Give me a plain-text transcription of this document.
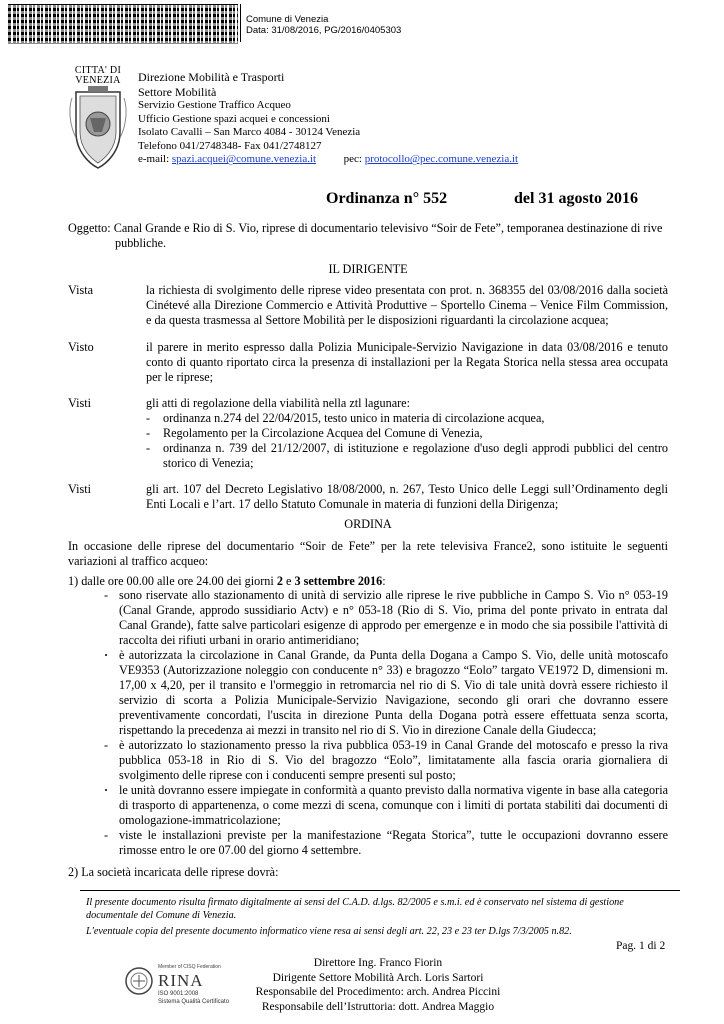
Comune di Venezia
Data: 31/08/2016, PG/2016/0405303
CITTA' DI
VENEZIA	Direzione Mobilità e Trasporti
Settore Mobilità
Servizio Gestione Traffico Acqueo
Ufficio Gestione spazi acquei e concessioni
Isolato Cavalli – San Marco 4084 - 30124 Venezia
Telefono 041/2748348- Fax 041/2748127
e-mail: spazi.acquei@comune.venezia.it	pec: protocollo@pec.comune.venezia.it
Ordinanza n° 552	del 31 agosto 2016
Oggetto: Canal Grande e Rio di S. Vio, riprese di documentario televisivo “Soir de Fete”, temporanea destinazione di rive
pubbliche.
IL DIRIGENTE
Vista	la richiesta di svolgimento delle riprese video presentata con prot. n. 368355 del 03/08/2016 dalla società Cinétevé alla Direzione Commercio e Attività Produttive – Sportello Cinema – Venice Film Commission, e da questa trasmessa al Settore Mobilità per le disposizioni riguardanti la circolazione acquea;
Visto	il parere in merito espresso dalla Polizia Municipale-Servizio Navigazione in data 03/08/2016 e tenuto conto di quanto riportato circa la presenza di installazioni per la Regata Storica nella stessa area occupata per le riprese;
Visti	gli atti di regolazione della viabilità nella ztl lagunare:
- ordinanza n.274 del 22/04/2015, testo unico in materia di circolazione acquea,
- Regolamento per la Circolazione Acquea del Comune di Venezia,
- ordinanza n. 739 del 21/12/2007, di istituzione e regolazione d'uso degli approdi pubblici del centro storico di Venezia;
Visti	gli art. 107 del Decreto Legislativo 18/08/2000, n. 267, Testo Unico delle Leggi sull’Ordinamento degli Enti Locali e l’art. 17 dello Statuto Comunale in materia di funzioni della Dirigenza;
ORDINA
In occasione delle riprese del documentario “Soir de Fete” per la rete televisiva France2, sono istituite le seguenti variazioni al traffico acqueo:
1) dalle ore 00.00 alle ore 24.00 dei giorni 2 e 3 settembre 2016:
- sono riservate allo stazionamento di unità di servizio alle riprese le rive pubbliche in Campo S. Vio n° 053-19 (Canal Grande, approdo sussidiario Actv) e n° 053-18 (Rio di S. Vio, prima del ponte privato in entrata dal Canal Grande), fatte salve particolari esigenze di approdo per emergenze e in modo che sia possibile l'attività di raccolta dei rifiuti urbani in orario antimeridiano;
· è autorizzata la circolazione in Canal Grande, da Punta della Dogana a Campo S. Vio, delle unità motoscafo VE9353 (Autorizzazione noleggio con conducente n° 33) e bragozzo “Eolo” targato VE1972 D, dimensioni m. 17,00 x 4,20, per il transito e l'ormeggio in retromarcia nel rio di S. Vio di tale unità dovrà essere richiesto il servizio di scorta a Polizia Municipale-Servizio Navigazione, secondo gli orari che dovranno essere preventivamente concordati, l'uscita in direzione Punta della Dogana potrà essere effettuata senza scorta, rispettando la precedenza ai mezzi in transito nel rio di S. Vio in direzione Canale della Giudecca;
- è autorizzato lo stazionamento presso la riva pubblica 053-19 in Canal Grande del motoscafo e presso la riva pubblica 053-18 in Rio di S. Vio del bragozzo “Eolo”, limitatamente alla fascia oraria giornaliera di svolgimento delle riprese con i conducenti sempre presenti sul posto;
· le unità dovranno essere impiegate in conformità a quanto previsto dalla normativa vigente in base alla categoria di trasporto di appartenenza, o come mezzi di scena, comunque con i limiti di portata stabiliti dai documenti di omologazione-immatricolazione;
- viste le installazioni previste per la manifestazione “Regata Storica”, tutte le occupazioni dovranno essere rimosse entro le ore 07.00 del giorno 4 settembre.
2) La società incaricata delle riprese dovrà:
Il presente documento risulta firmato digitalmente ai sensi del C.A.D. d.lgs. 82/2005 e s.m.i. ed è conservato nel sistema di gestione documentale del Comune di Venezia.
L'eventuale copia del presente documento informatico viene resa ai sensi degli art. 22, 23 e 23 ter D.lgs 7/3/2005 n.82.
Pag. 1 di 2
Member of CISQ Federation
RINA
ISO 9001:2008
Sistema Qualità Certificato
Direttore Ing. Franco Fiorin
Dirigente Settore Mobilità Arch. Loris Sartori
Responsabile del Procedimento: arch. Andrea Piccini
Responsabile dell’Istruttoria: dott. Andrea Maggio
